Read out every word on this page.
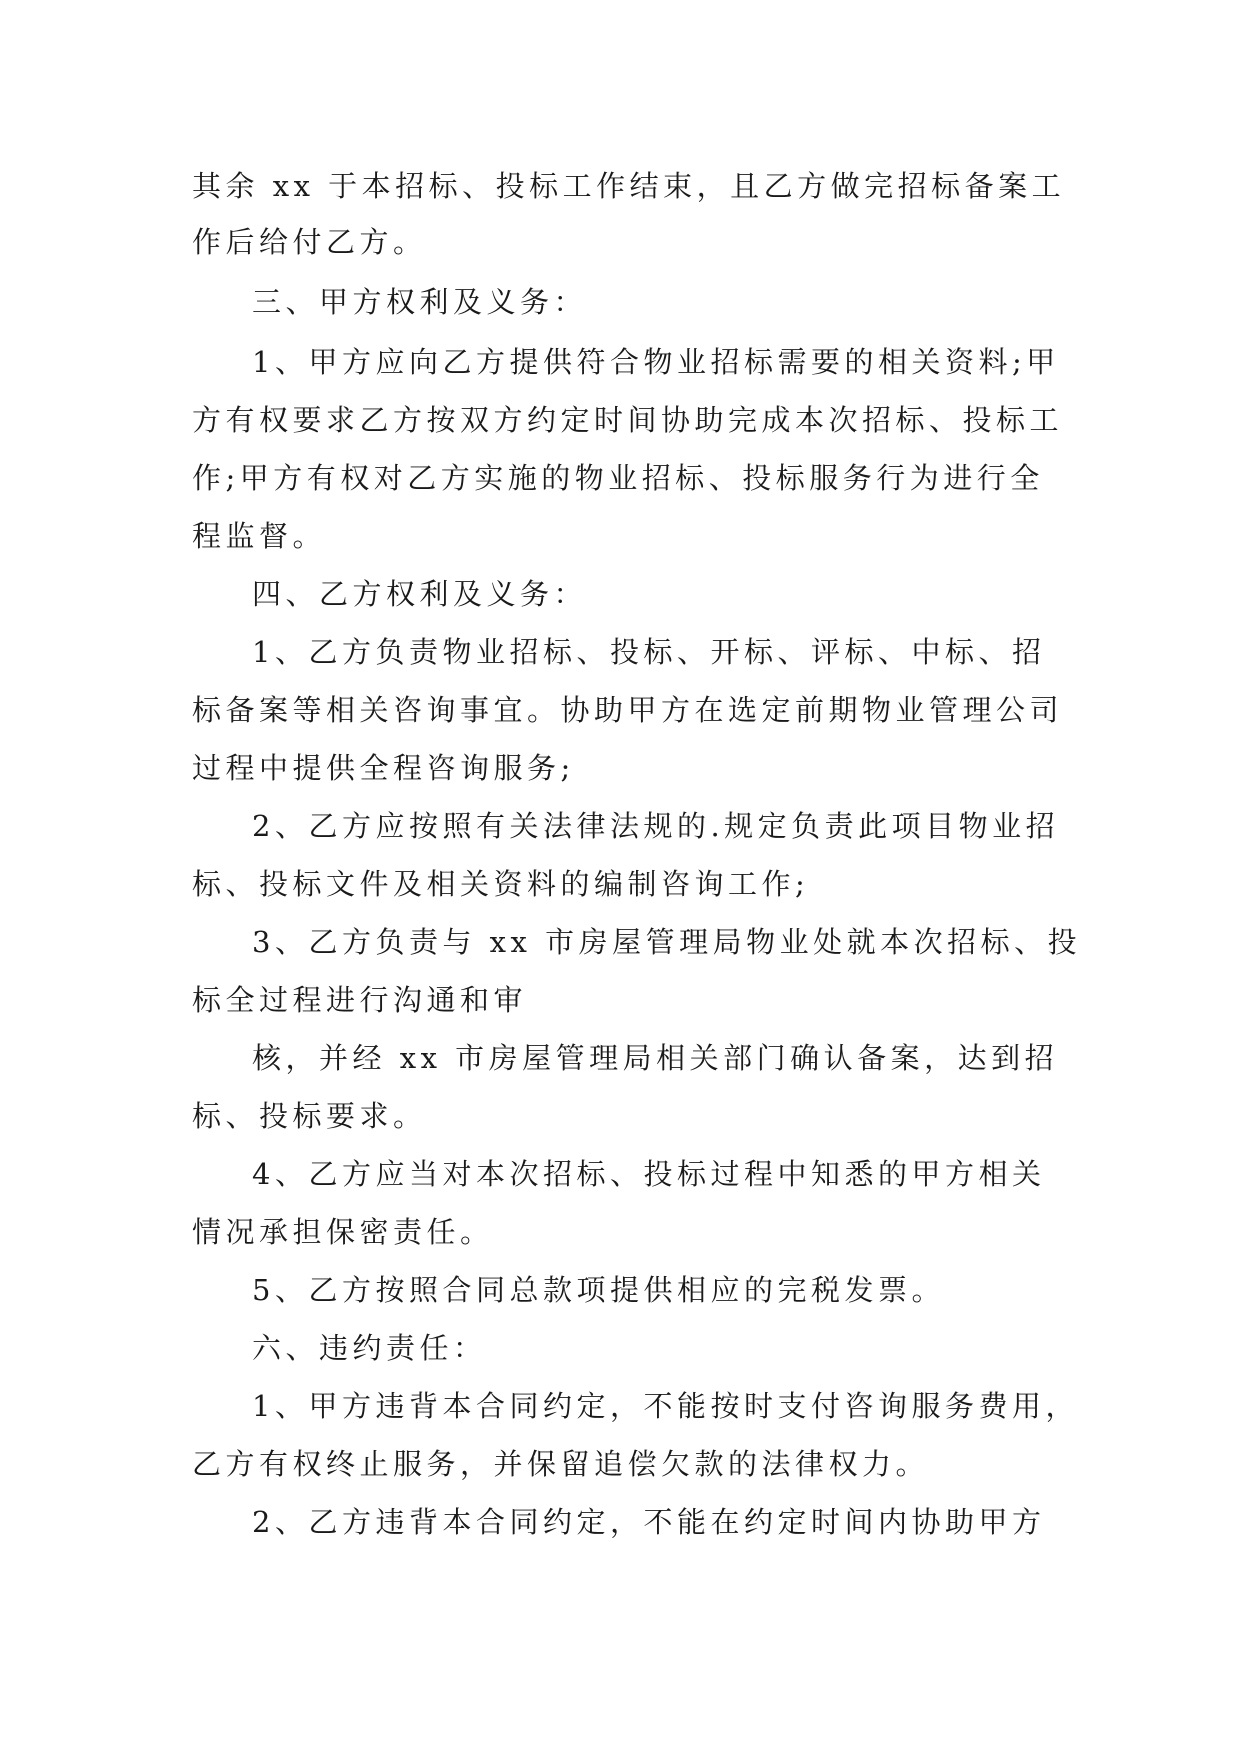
其余 xx 于本招标、投标工作结束，且乙方做完招标备案工
作后给付乙方。
三、甲方权利及义务：
1、甲方应向乙方提供符合物业招标需要的相关资料;甲
方有权要求乙方按双方约定时间协助完成本次招标、投标工
作;甲方有权对乙方实施的物业招标、投标服务行为进行全
程监督。
四、乙方权利及义务：
1、乙方负责物业招标、投标、开标、评标、中标、招
标备案等相关咨询事宜。协助甲方在选定前期物业管理公司
过程中提供全程咨询服务;
2、乙方应按照有关法律法规的.规定负责此项目物业招
标、投标文件及相关资料的编制咨询工作;
3、乙方负责与 xx 市房屋管理局物业处就本次招标、投
标全过程进行沟通和审
核，并经 xx 市房屋管理局相关部门确认备案，达到招
标、投标要求。
4、乙方应当对本次招标、投标过程中知悉的甲方相关
情况承担保密责任。
5、乙方按照合同总款项提供相应的完税发票。
六、违约责任：
1、甲方违背本合同约定，不能按时支付咨询服务费用，
乙方有权终止服务，并保留追偿欠款的法律权力。
2、乙方违背本合同约定，不能在约定时间内协助甲方
